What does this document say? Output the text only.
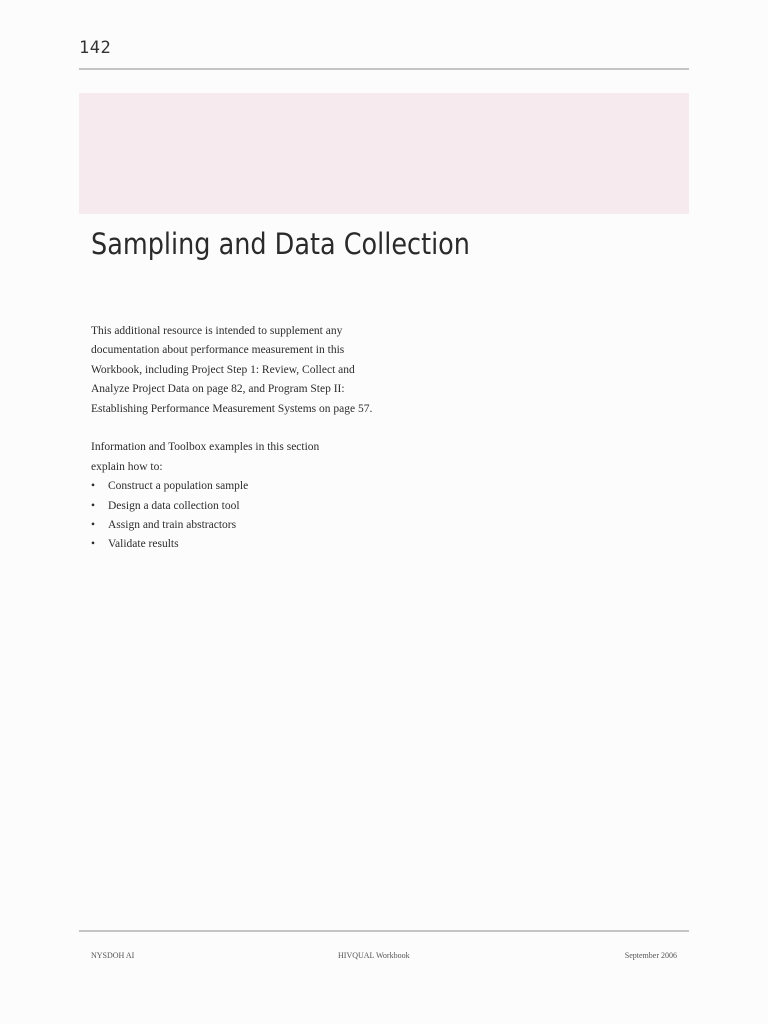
142
Sampling and Data Collection

This additional resource is intended to supplement any
documentation about performance measurement in this
Workbook, including Project Step 1: Review, Collect and
Analyze Project Data on page 82, and Program Step II:
Establishing Performance Measurement Systems on page 57.

Information and Toolbox examples in this section
explain how to:

• Construct a population sample
• Design a data collection tool
• Assign and train abstractors
• Validate results
NYSDOH AI	HIVQUAL Workbook	September 2006
